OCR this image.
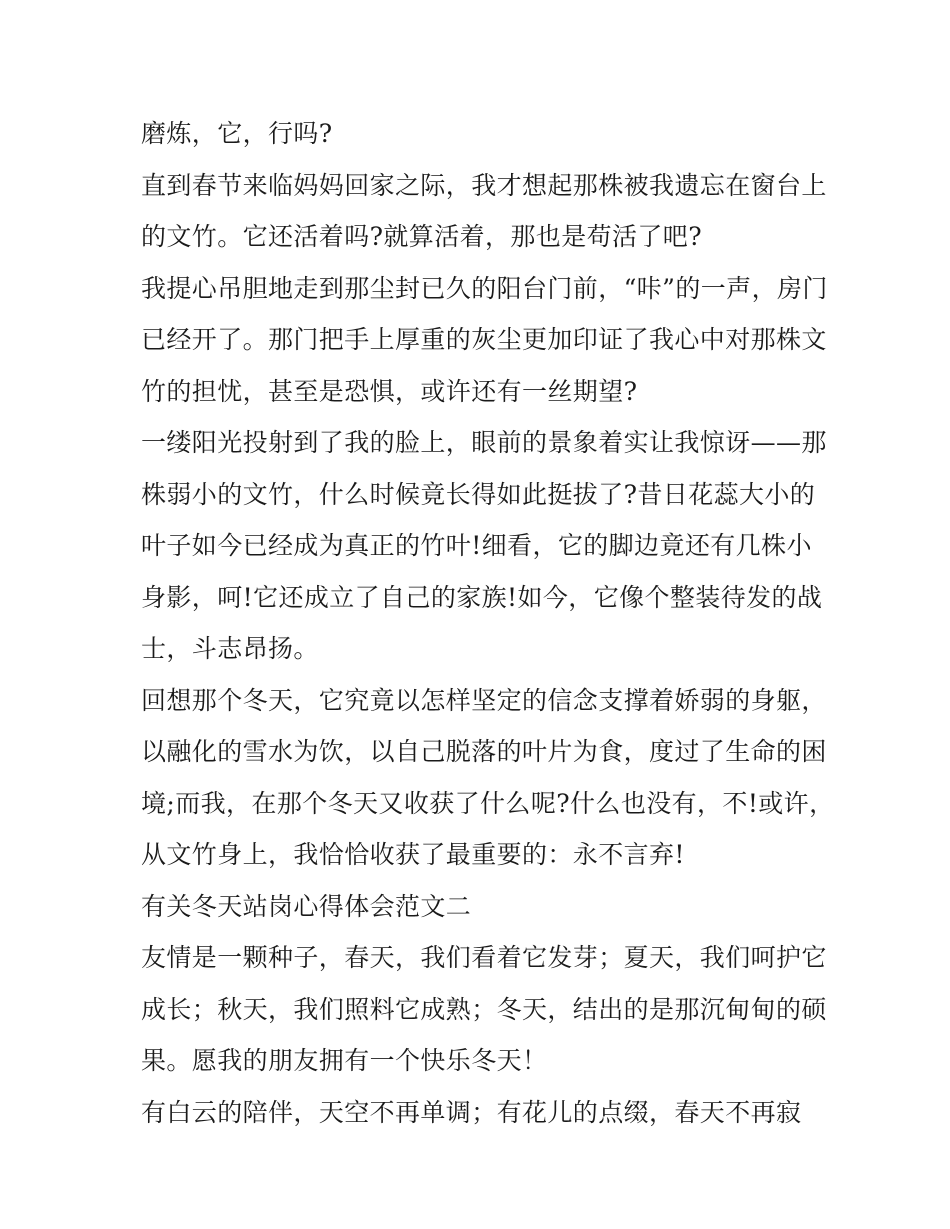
磨炼，它，行吗?
直到春节来临妈妈回家之际，我才想起那株被我遗忘在窗台上
的文竹。它还活着吗?就算活着，那也是苟活了吧?
我提心吊胆地走到那尘封已久的阳台门前，“咔”的一声，房门
已经开了。那门把手上厚重的灰尘更加印证了我心中对那株文
竹的担忧，甚至是恐惧，或许还有一丝期望?
一缕阳光投射到了我的脸上，眼前的景象着实让我惊讶——那
株弱小的文竹，什么时候竟长得如此挺拔了?昔日花蕊大小的
叶子如今已经成为真正的竹叶!细看，它的脚边竟还有几株小
身影，呵!它还成立了自己的家族!如今，它像个整装待发的战
士，斗志昂扬。
回想那个冬天，它究竟以怎样坚定的信念支撑着娇弱的身躯，
以融化的雪水为饮，以自己脱落的叶片为食，度过了生命的困
境;而我，在那个冬天又收获了什么呢?什么也没有，不!或许，
从文竹身上，我恰恰收获了最重要的：永不言弃!
有关冬天站岗心得体会范文二
友情是一颗种子，春天，我们看着它发芽；夏天，我们呵护它
成长；秋天，我们照料它成熟；冬天，结出的是那沉甸甸的硕
果。愿我的朋友拥有一个快乐冬天！
有白云的陪伴，天空不再单调；有花儿的点缀，春天不再寂
